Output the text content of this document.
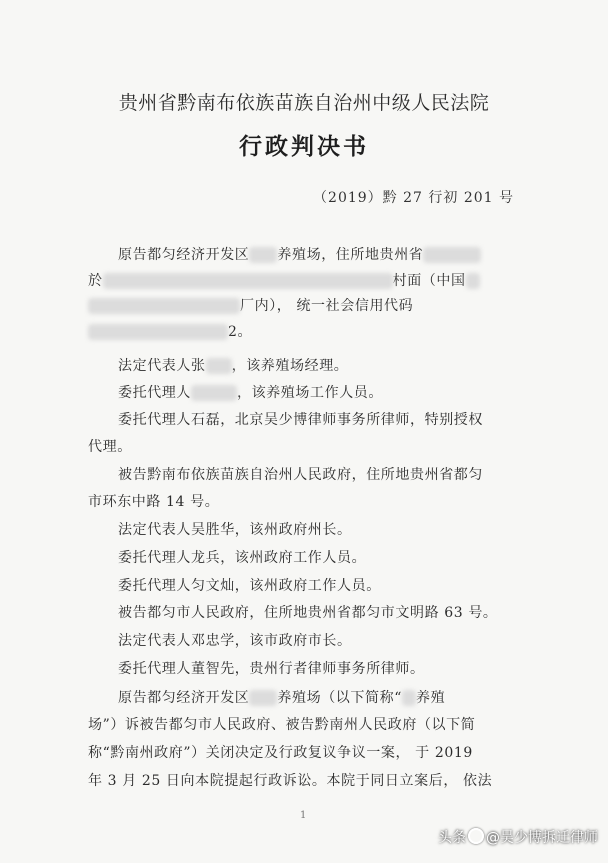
贵州省黔南布依族苗族自治州中级人民法院
行政判决书
（2019）黔 27 行初 201 号
原告都匀经济开发区 养殖场，住所地贵州省
於	村面（中国
厂内）， 统一社会信用代码
2。
法定代表人张 ，该养殖场经理。
委托代理人	，该养殖场工作人员。
委托代理人石磊，北京吴少博律师事务所律师，特别授权
代理。
被告黔南布依族苗族自治州人民政府，住所地贵州省都匀
市环东中路 14 号。
法定代表人吴胜华，该州政府州长。
委托代理人龙兵，该州政府工作人员。
委托代理人匀文灿，该州政府工作人员。
被告都匀市人民政府，住所地贵州省都匀市文明路 63 号。
法定代表人邓忠学，该市政府市长。
委托代理人董智先，贵州行者律师事务所律师。
原告都匀经济开发区 养殖场（以下简称“ 养殖
场”）诉被告都匀市人民政府、被告黔南州人民政府（以下简
称“黔南州政府”）关闭决定及行政复议争议一案， 于 2019
年 3 月 25 日向本院提起行政诉讼。本院于同日立案后， 依法
1
头条 @吴少博拆迁律师
